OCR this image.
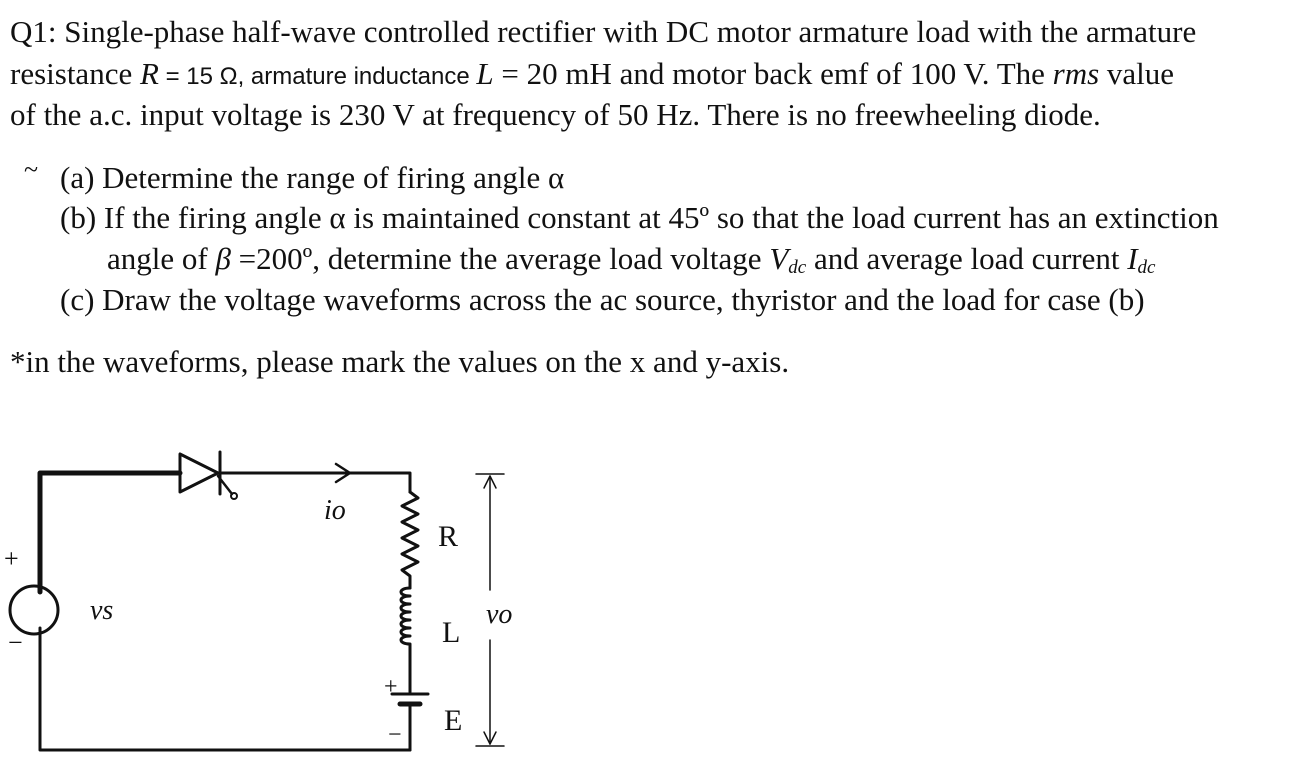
Q1: Single-phase half-wave controlled rectifier with DC motor armature load with the armature
resistance R = 15 Ω, armature inductance L = 20 mH and motor back emf of 100 V. The rms value
of the a.c. input voltage is 230 V at frequency of 50 Hz. There is no freewheeling diode.
(a) Determine the range of firing angle α
(b) If the firing angle α is maintained constant at 45º so that the load current has an extinction
angle of β =200º, determine the average load voltage Vdc and average load current Idc
(c) Draw the voltage waveforms across the ac source, thyristor and the load for case (b)
*in the waveforms, please mark the values on the x and y-axis.
~
vs
io
R
L
E
vo
+
−
+
−
